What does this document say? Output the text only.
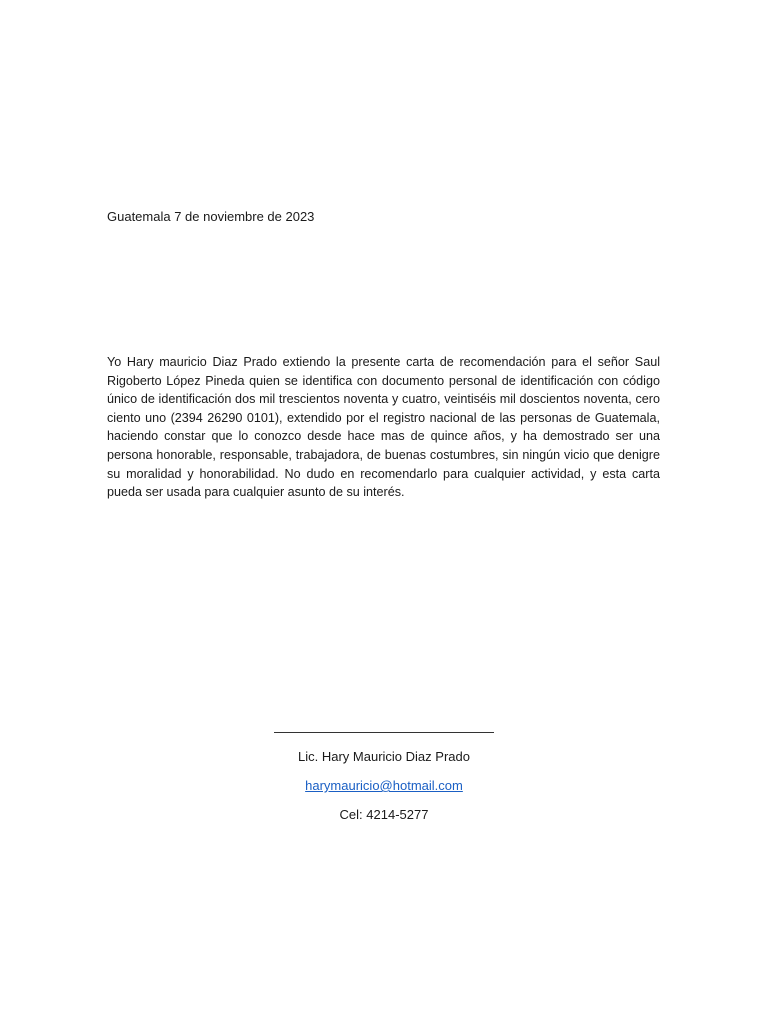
Guatemala 7 de noviembre de 2023

Yo Hary mauricio Diaz Prado extiendo la presente carta de recomendación para el señor Saul Rigoberto López Pineda quien se identifica con documento personal de identificación con código único de identificación dos mil trescientos noventa y cuatro, veintiséis mil doscientos noventa, cero ciento uno (2394 26290 0101), extendido por el registro nacional de las personas de Guatemala, haciendo constar que lo conozco desde hace mas de quince años, y ha demostrado ser una persona honorable, responsable, trabajadora, de buenas costumbres, sin ningún vicio que denigre su moralidad y honorabilidad. No dudo en recomendarlo para cualquier actividad, y esta carta pueda ser usada para cualquier asunto de su interés.

Lic. Hary Mauricio Diaz Prado
harymauricio@hotmail.com
Cel: 4214-5277
